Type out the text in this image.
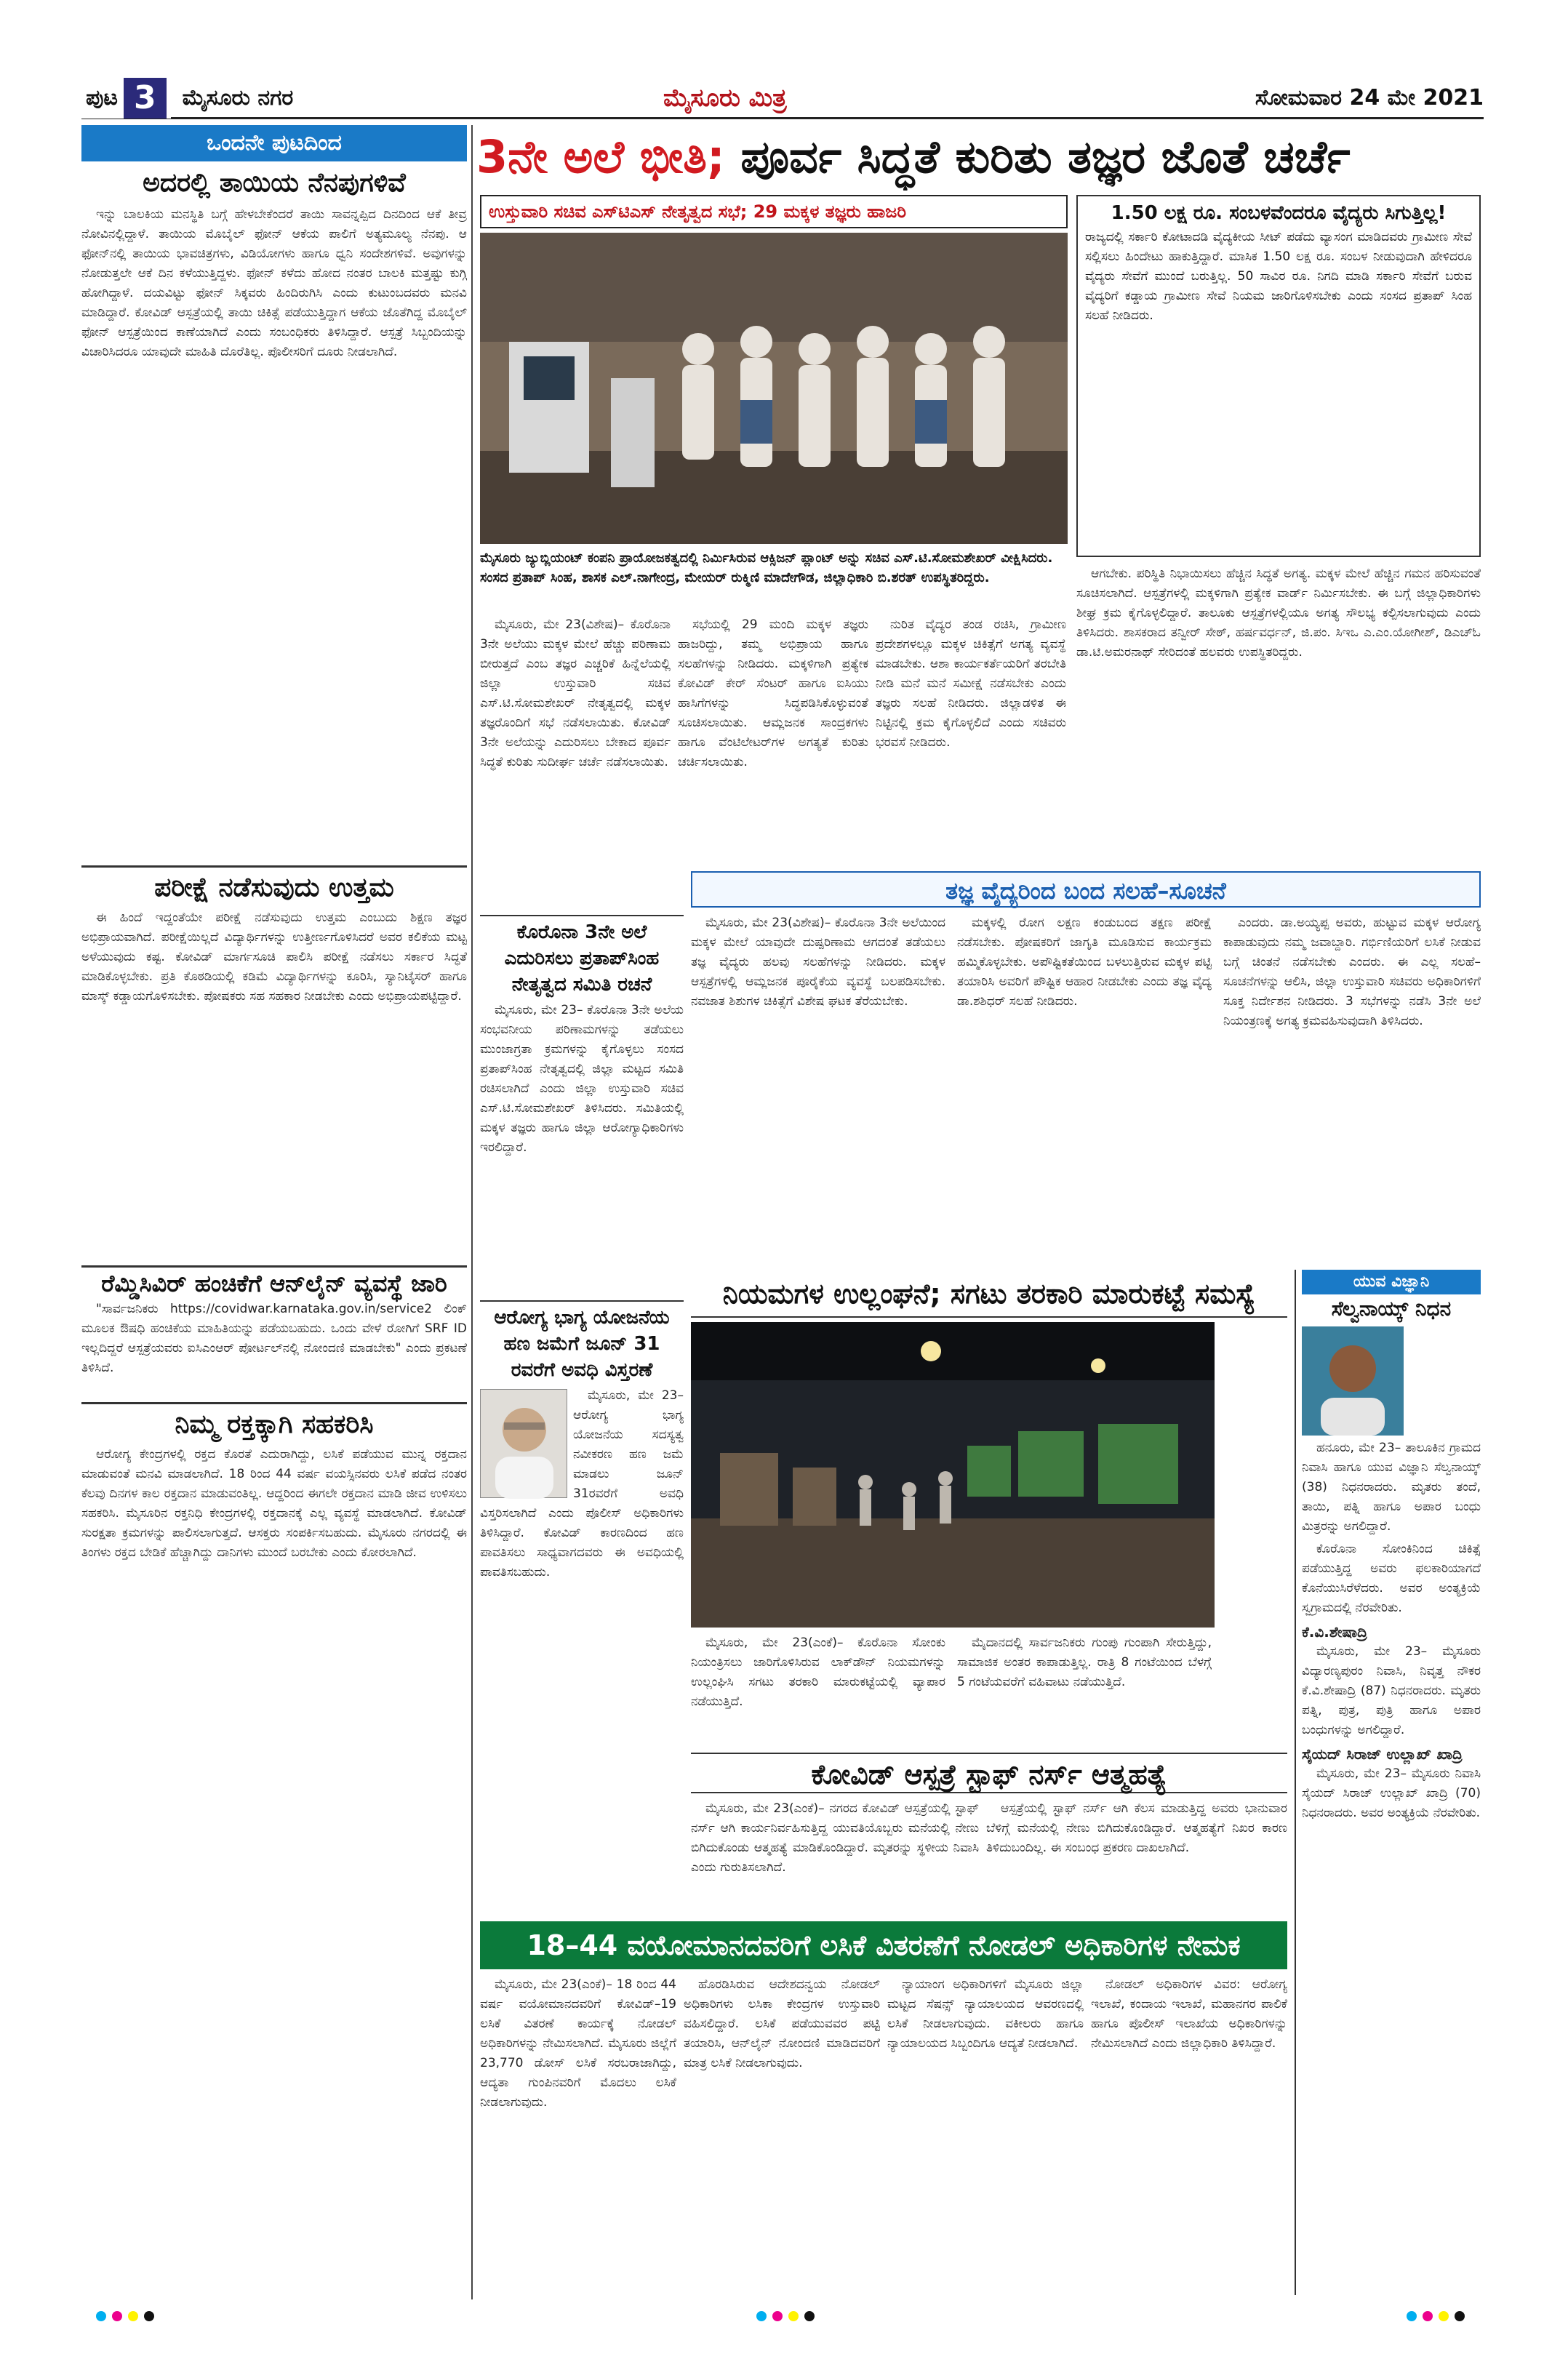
ಪುಟ 3	ಮೈಸೂರು ನಗರ	ಮೈಸೂರು ಮಿತ್ರ	ಸೋಮವಾರ 24 ಮೇ 2021
ಒಂದನೇ ಪುಟದಿಂದ
ಅದರಲ್ಲಿ ತಾಯಿಯ ನೆನಪುಗಳಿವೆ

ಇನ್ನು ಬಾಲಕಿಯ ಮನಸ್ಥಿತಿ ಬಗ್ಗೆ ಹೇಳಬೇಕೆಂದರೆ ತಾಯಿ ಸಾವನ್ನಪ್ಪಿದ ದಿನದಿಂದ ಆಕೆ ತೀವ್ರ ನೋವಿನಲ್ಲಿದ್ದಾಳೆ. ತಾಯಿಯ ಮೊಬೈಲ್ ಫೋನ್ ಆಕೆಯ ಪಾಲಿಗೆ ಅತ್ಯಮೂಲ್ಯ ನೆನಪು. ಆ ಫೋನ್‌ನಲ್ಲಿ ತಾಯಿಯ ಭಾವಚಿತ್ರಗಳು, ವಿಡಿಯೋಗಳು ಹಾಗೂ ಧ್ವನಿ ಸಂದೇಶಗಳಿವೆ. ಅವುಗಳನ್ನು ನೋಡುತ್ತಲೇ ಆಕೆ ದಿನ ಕಳೆಯುತ್ತಿದ್ದಳು. ಫೋನ್ ಕಳೆದು ಹೋದ ನಂತರ ಬಾಲಕಿ ಮತ್ತಷ್ಟು ಕುಗ್ಗಿ ಹೋಗಿದ್ದಾಳೆ. ದಯವಿಟ್ಟು ಫೋನ್ ಸಿಕ್ಕವರು ಹಿಂದಿರುಗಿಸಿ ಎಂದು ಕುಟುಂಬದವರು ಮನವಿ ಮಾಡಿದ್ದಾರೆ. ಕೋವಿಡ್ ಆಸ್ಪತ್ರೆಯಲ್ಲಿ ತಾಯಿ ಚಿಕಿತ್ಸೆ ಪಡೆಯುತ್ತಿದ್ದಾಗ ಆಕೆಯ ಜೊತೆಗಿದ್ದ ಮೊಬೈಲ್ ಫೋನ್ ಆಸ್ಪತ್ರೆಯಿಂದ ಕಾಣೆಯಾಗಿದೆ ಎಂದು ಸಂಬಂಧಿಕರು ತಿಳಿಸಿದ್ದಾರೆ. ಆಸ್ಪತ್ರೆ ಸಿಬ್ಬಂದಿಯನ್ನು ವಿಚಾರಿಸಿದರೂ ಯಾವುದೇ ಮಾಹಿತಿ ದೊರೆತಿಲ್ಲ. ಪೊಲೀಸರಿಗೆ ದೂರು ನೀಡಲಾಗಿದೆ.

ಪರೀಕ್ಷೆ ನಡೆಸುವುದು ಉತ್ತಮ

ಈ ಹಿಂದೆ ಇದ್ದಂತೆಯೇ ಪರೀಕ್ಷೆ ನಡೆಸುವುದು ಉತ್ತಮ ಎಂಬುದು ಶಿಕ್ಷಣ ತಜ್ಞರ ಅಭಿಪ್ರಾಯವಾಗಿದೆ. ಪರೀಕ್ಷೆಯಿಲ್ಲದೆ ವಿದ್ಯಾರ್ಥಿಗಳನ್ನು ಉತ್ತೀರ್ಣಗೊಳಿಸಿದರೆ ಅವರ ಕಲಿಕೆಯ ಮಟ್ಟ ಅಳೆಯುವುದು ಕಷ್ಟ. ಕೋವಿಡ್ ಮಾರ್ಗಸೂಚಿ ಪಾಲಿಸಿ ಪರೀಕ್ಷೆ ನಡೆಸಲು ಸರ್ಕಾರ ಸಿದ್ಧತೆ ಮಾಡಿಕೊಳ್ಳಬೇಕು. ಪ್ರತಿ ಕೊಠಡಿಯಲ್ಲಿ ಕಡಿಮೆ ವಿದ್ಯಾರ್ಥಿಗಳನ್ನು ಕೂರಿಸಿ, ಸ್ಯಾನಿಟೈಸರ್ ಹಾಗೂ ಮಾಸ್ಕ್ ಕಡ್ಡಾಯಗೊಳಿಸಬೇಕು. ಪೋಷಕರು ಸಹ ಸಹಕಾರ ನೀಡಬೇಕು ಎಂದು ಅಭಿಪ್ರಾಯಪಟ್ಟಿದ್ದಾರೆ.

ರೆಮ್ಡಿಸಿವಿರ್ ಹಂಚಿಕೆಗೆ ಆನ್‌ಲೈನ್ ವ್ಯವಸ್ಥೆ ಜಾರಿ

"ಸಾರ್ವಜನಿಕರು https://covidwar.karnataka.gov.in/service2 ಲಿಂಕ್ ಮೂಲಕ ಔಷಧಿ ಹಂಚಿಕೆಯ ಮಾಹಿತಿಯನ್ನು ಪಡೆಯಬಹುದು. ಒಂದು ವೇಳೆ ರೋಗಿಗೆ SRF ID ಇಲ್ಲದಿದ್ದರೆ ಆಸ್ಪತ್ರೆಯವರು ಐಸಿಎಂಆರ್ ಪೋರ್ಟಲ್‌ನಲ್ಲಿ ನೋಂದಣಿ ಮಾಡಬೇಕು" ಎಂದು ಪ್ರಕಟಣೆ ತಿಳಿಸಿದೆ.

ನಿಮ್ಮ ರಕ್ತಕ್ಕಾಗಿ ಸಹಕರಿಸಿ

ಆರೋಗ್ಯ ಕೇಂದ್ರಗಳಲ್ಲಿ ರಕ್ತದ ಕೊರತೆ ಎದುರಾಗಿದ್ದು, ಲಸಿಕೆ ಪಡೆಯುವ ಮುನ್ನ ರಕ್ತದಾನ ಮಾಡುವಂತೆ ಮನವಿ ಮಾಡಲಾಗಿದೆ. 18 ರಿಂದ 44 ವರ್ಷ ವಯಸ್ಸಿನವರು ಲಸಿಕೆ ಪಡೆದ ನಂತರ ಕೆಲವು ದಿನಗಳ ಕಾಲ ರಕ್ತದಾನ ಮಾಡುವಂತಿಲ್ಲ. ಆದ್ದರಿಂದ ಈಗಲೇ ರಕ್ತದಾನ ಮಾಡಿ ಜೀವ ಉಳಿಸಲು ಸಹಕರಿಸಿ. ಮೈಸೂರಿನ ರಕ್ತನಿಧಿ ಕೇಂದ್ರಗಳಲ್ಲಿ ರಕ್ತದಾನಕ್ಕೆ ಎಲ್ಲ ವ್ಯವಸ್ಥೆ ಮಾಡಲಾಗಿದೆ. ಕೋವಿಡ್ ಸುರಕ್ಷತಾ ಕ್ರಮಗಳನ್ನು ಪಾಲಿಸಲಾಗುತ್ತದೆ. ಆಸಕ್ತರು ಸಂಪರ್ಕಿಸಬಹುದು. ಮೈಸೂರು ನಗರದಲ್ಲಿ ಈ ತಿಂಗಳು ರಕ್ತದ ಬೇಡಿಕೆ ಹೆಚ್ಚಾಗಿದ್ದು ದಾನಿಗಳು ಮುಂದೆ ಬರಬೇಕು ಎಂದು ಕೋರಲಾಗಿದೆ.

3ನೇ ಅಲೆ ಭೀತಿ; ಪೂರ್ವ ಸಿದ್ಧತೆ ಕುರಿತು ತಜ್ಞರ ಜೊತೆ ಚರ್ಚೆ
ಉಸ್ತುವಾರಿ ಸಚಿವ ಎಸ್‌ಟಿಎಸ್ ನೇತೃತ್ವದ ಸಭೆ; 29 ಮಕ್ಕಳ ತಜ್ಞರು ಹಾಜರಿ
ಮೈಸೂರು ಜ್ಯುಬ್ಲಿಯಂಟ್ ಕಂಪನಿ ಪ್ರಾಯೋಜಕತ್ವದಲ್ಲಿ ನಿರ್ಮಿಸಿರುವ ಆಕ್ಸಿಜನ್ ಪ್ಲಾಂಟ್ ಅನ್ನು ಸಚಿವ ಎಸ್.ಟಿ.ಸೋಮಶೇಖರ್ ವೀಕ್ಷಿಸಿದರು. ಸಂಸದ ಪ್ರತಾಪ್ ಸಿಂಹ, ಶಾಸಕ ಎಲ್.ನಾಗೇಂದ್ರ, ಮೇಯರ್ ರುಕ್ಮಿಣಿ ಮಾದೇಗೌಡ, ಜಿಲ್ಲಾಧಿಕಾರಿ ಬಿ.ಶರತ್ ಉಪಸ್ಥಿತರಿದ್ದರು.

ಮೈಸೂರು, ಮೇ 23(ವಿಶೇಷ)– ಕೊರೊನಾ 3ನೇ ಅಲೆಯು ಮಕ್ಕಳ ಮೇಲೆ ಹೆಚ್ಚು ಪರಿಣಾಮ ಬೀರುತ್ತದೆ ಎಂಬ ತಜ್ಞರ ಎಚ್ಚರಿಕೆ ಹಿನ್ನೆಲೆಯಲ್ಲಿ ಜಿಲ್ಲಾ ಉಸ್ತುವಾರಿ ಸಚಿವ ಎಸ್.ಟಿ.ಸೋಮಶೇಖರ್ ನೇತೃತ್ವದಲ್ಲಿ ಮಕ್ಕಳ ತಜ್ಞರೊಂದಿಗೆ ಸಭೆ ನಡೆಸಲಾಯಿತು. ಕೋವಿಡ್ 3ನೇ ಅಲೆಯನ್ನು ಎದುರಿಸಲು ಬೇಕಾದ ಪೂರ್ವ ಸಿದ್ಧತೆ ಕುರಿತು ಸುದೀರ್ಘ ಚರ್ಚೆ ನಡೆಸಲಾಯಿತು.

ಸಭೆಯಲ್ಲಿ 29 ಮಂದಿ ಮಕ್ಕಳ ತಜ್ಞರು ಹಾಜರಿದ್ದು, ತಮ್ಮ ಅಭಿಪ್ರಾಯ ಹಾಗೂ ಸಲಹೆಗಳನ್ನು ನೀಡಿದರು. ಮಕ್ಕಳಿಗಾಗಿ ಪ್ರತ್ಯೇಕ ಕೋವಿಡ್ ಕೇರ್ ಸೆಂಟರ್ ಹಾಗೂ ಐಸಿಯು ಹಾಸಿಗೆಗಳನ್ನು ಸಿದ್ಧಪಡಿಸಿಕೊಳ್ಳುವಂತೆ ಸೂಚಿಸಲಾಯಿತು. ಆಮ್ಲಜನಕ ಸಾಂದ್ರಕಗಳು ಹಾಗೂ ವೆಂಟಿಲೇಟರ್‌ಗಳ ಅಗತ್ಯತೆ ಕುರಿತು ಚರ್ಚಿಸಲಾಯಿತು.

ನುರಿತ ವೈದ್ಯರ ತಂಡ ರಚಿಸಿ, ಗ್ರಾಮೀಣ ಪ್ರದೇಶಗಳಲ್ಲೂ ಮಕ್ಕಳ ಚಿಕಿತ್ಸೆಗೆ ಅಗತ್ಯ ವ್ಯವಸ್ಥೆ ಮಾಡಬೇಕು. ಆಶಾ ಕಾರ್ಯಕರ್ತೆಯರಿಗೆ ತರಬೇತಿ ನೀಡಿ ಮನೆ ಮನೆ ಸಮೀಕ್ಷೆ ನಡೆಸಬೇಕು ಎಂದು ತಜ್ಞರು ಸಲಹೆ ನೀಡಿದರು. ಜಿಲ್ಲಾಡಳಿತ ಈ ನಿಟ್ಟಿನಲ್ಲಿ ಕ್ರಮ ಕೈಗೊಳ್ಳಲಿದೆ ಎಂದು ಸಚಿವರು ಭರವಸೆ ನೀಡಿದರು.

1.50 ಲಕ್ಷ ರೂ. ಸಂಬಳವೆಂದರೂ ವೈದ್ಯರು ಸಿಗುತ್ತಿಲ್ಲ!

ರಾಜ್ಯದಲ್ಲಿ ಸರ್ಕಾರಿ ಕೋಟಾದಡಿ ವೈದ್ಯಕೀಯ ಸೀಟ್ ಪಡೆದು ವ್ಯಾಸಂಗ ಮಾಡಿದವರು ಗ್ರಾಮೀಣ ಸೇವೆ ಸಲ್ಲಿಸಲು ಹಿಂದೇಟು ಹಾಕುತ್ತಿದ್ದಾರೆ. ಮಾಸಿಕ 1.50 ಲಕ್ಷ ರೂ. ಸಂಬಳ ನೀಡುವುದಾಗಿ ಹೇಳಿದರೂ ವೈದ್ಯರು ಸೇವೆಗೆ ಮುಂದೆ ಬರುತ್ತಿಲ್ಲ. 50 ಸಾವಿರ ರೂ. ನಿಗದಿ ಮಾಡಿ ಸರ್ಕಾರಿ ಸೇವೆಗೆ ಬರುವ ವೈದ್ಯರಿಗೆ ಕಡ್ಡಾಯ ಗ್ರಾಮೀಣ ಸೇವೆ ನಿಯಮ ಜಾರಿಗೊಳಿಸಬೇಕು ಎಂದು ಸಂಸದ ಪ್ರತಾಪ್ ಸಿಂಹ ಸಲಹೆ ನೀಡಿದರು.

ಆಗಬೇಕು. ಪರಿಸ್ಥಿತಿ ನಿಭಾಯಿಸಲು ಹೆಚ್ಚಿನ ಸಿದ್ಧತೆ ಅಗತ್ಯ. ಮಕ್ಕಳ ಮೇಲೆ ಹೆಚ್ಚಿನ ಗಮನ ಹರಿಸುವಂತೆ ಸೂಚಿಸಲಾಗಿದೆ. ಆಸ್ಪತ್ರೆಗಳಲ್ಲಿ ಮಕ್ಕಳಿಗಾಗಿ ಪ್ರತ್ಯೇಕ ವಾರ್ಡ್ ನಿರ್ಮಿಸಬೇಕು. ಈ ಬಗ್ಗೆ ಜಿಲ್ಲಾಧಿಕಾರಿಗಳು ಶೀಘ್ರ ಕ್ರಮ ಕೈಗೊಳ್ಳಲಿದ್ದಾರೆ. ತಾಲೂಕು ಆಸ್ಪತ್ರೆಗಳಲ್ಲಿಯೂ ಅಗತ್ಯ ಸೌಲಭ್ಯ ಕಲ್ಪಿಸಲಾಗುವುದು ಎಂದು ತಿಳಿಸಿದರು. ಶಾಸಕರಾದ ತನ್ವೀರ್ ಸೇಠ್, ಹರ್ಷವರ್ಧನ್, ಜಿ.ಪಂ. ಸಿಇಒ ಎ.ಎಂ.ಯೋಗೀಶ್, ಡಿಎಚ್‌ಓ ಡಾ.ಟಿ.ಅಮರನಾಥ್ ಸೇರಿದಂತೆ ಹಲವರು ಉಪಸ್ಥಿತರಿದ್ದರು.

ಕೊರೊನಾ 3ನೇ ಅಲೆ ಎದುರಿಸಲು ಪ್ರತಾಪ್‌ಸಿಂಹ ನೇತೃತ್ವದ ಸಮಿತಿ ರಚನೆ

ಮೈಸೂರು, ಮೇ 23– ಕೊರೊನಾ 3ನೇ ಅಲೆಯ ಸಂಭವನೀಯ ಪರಿಣಾಮಗಳನ್ನು ತಡೆಯಲು ಮುಂಜಾಗ್ರತಾ ಕ್ರಮಗಳನ್ನು ಕೈಗೊಳ್ಳಲು ಸಂಸದ ಪ್ರತಾಪ್‌ಸಿಂಹ ನೇತೃತ್ವದಲ್ಲಿ ಜಿಲ್ಲಾ ಮಟ್ಟದ ಸಮಿತಿ ರಚಿಸಲಾಗಿದೆ ಎಂದು ಜಿಲ್ಲಾ ಉಸ್ತುವಾರಿ ಸಚಿವ ಎಸ್.ಟಿ.ಸೋಮಶೇಖರ್ ತಿಳಿಸಿದರು. ಸಮಿತಿಯಲ್ಲಿ ಮಕ್ಕಳ ತಜ್ಞರು ಹಾಗೂ ಜಿಲ್ಲಾ ಆರೋಗ್ಯಾಧಿಕಾರಿಗಳು ಇರಲಿದ್ದಾರೆ.

ಆರೋಗ್ಯ ಭಾಗ್ಯ ಯೋಜನೆಯ ಹಣ ಜಮೆಗೆ ಜೂನ್ 31 ರವರೆಗೆ ಅವಧಿ ವಿಸ್ತರಣೆ

ಮೈಸೂರು, ಮೇ 23– ಆರೋಗ್ಯ ಭಾಗ್ಯ ಯೋಜನೆಯ ಸದಸ್ಯತ್ವ ನವೀಕರಣ ಹಣ ಜಮೆ ಮಾಡಲು ಜೂನ್ 31ರವರೆಗೆ ಅವಧಿ ವಿಸ್ತರಿಸಲಾಗಿದೆ ಎಂದು ಪೊಲೀಸ್ ಅಧಿಕಾರಿಗಳು ತಿಳಿಸಿದ್ದಾರೆ. ಕೋವಿಡ್ ಕಾರಣದಿಂದ ಹಣ ಪಾವತಿಸಲು ಸಾಧ್ಯವಾಗದವರು ಈ ಅವಧಿಯಲ್ಲಿ ಪಾವತಿಸಬಹುದು.

ತಜ್ಞ ವೈದ್ಯರಿಂದ ಬಂದ ಸಲಹೆ–ಸೂಚನೆ

ಮೈಸೂರು, ಮೇ 23(ವಿಶೇಷ)– ಕೊರೊನಾ 3ನೇ ಅಲೆಯಿಂದ ಮಕ್ಕಳ ಮೇಲೆ ಯಾವುದೇ ದುಷ್ಪರಿಣಾಮ ಆಗದಂತೆ ತಡೆಯಲು ತಜ್ಞ ವೈದ್ಯರು ಹಲವು ಸಲಹೆಗಳನ್ನು ನೀಡಿದರು. ಮಕ್ಕಳ ಆಸ್ಪತ್ರೆಗಳಲ್ಲಿ ಆಮ್ಲಜನಕ ಪೂರೈಕೆಯ ವ್ಯವಸ್ಥೆ ಬಲಪಡಿಸಬೇಕು. ನವಜಾತ ಶಿಶುಗಳ ಚಿಕಿತ್ಸೆಗೆ ವಿಶೇಷ ಘಟಕ ತೆರೆಯಬೇಕು.

ಮಕ್ಕಳಲ್ಲಿ ರೋಗ ಲಕ್ಷಣ ಕಂಡುಬಂದ ತಕ್ಷಣ ಪರೀಕ್ಷೆ ನಡೆಸಬೇಕು. ಪೋಷಕರಿಗೆ ಜಾಗೃತಿ ಮೂಡಿಸುವ ಕಾರ್ಯಕ್ರಮ ಹಮ್ಮಿಕೊಳ್ಳಬೇಕು. ಅಪೌಷ್ಟಿಕತೆಯಿಂದ ಬಳಲುತ್ತಿರುವ ಮಕ್ಕಳ ಪಟ್ಟಿ ತಯಾರಿಸಿ ಅವರಿಗೆ ಪೌಷ್ಟಿಕ ಆಹಾರ ನೀಡಬೇಕು ಎಂದು ತಜ್ಞ ವೈದ್ಯ ಡಾ.ಶಶಿಧರ್ ಸಲಹೆ ನೀಡಿದರು.

ಎಂದರು. ಡಾ.ಅಯ್ಯಪ್ಪ ಅವರು, ಹುಟ್ಟುವ ಮಕ್ಕಳ ಆರೋಗ್ಯ ಕಾಪಾಡುವುದು ನಮ್ಮ ಜವಾಬ್ದಾರಿ. ಗರ್ಭಿಣಿಯರಿಗೆ ಲಸಿಕೆ ನೀಡುವ ಬಗ್ಗೆ ಚಿಂತನೆ ನಡೆಸಬೇಕು ಎಂದರು. ಈ ಎಲ್ಲ ಸಲಹೆ–ಸೂಚನೆಗಳನ್ನು ಆಲಿಸಿ, ಜಿಲ್ಲಾ ಉಸ್ತುವಾರಿ ಸಚಿವರು ಅಧಿಕಾರಿಗಳಿಗೆ ಸೂಕ್ತ ನಿರ್ದೇಶನ ನೀಡಿದರು. 3 ಸಭೆಗಳನ್ನು ನಡೆಸಿ 3ನೇ ಅಲೆ ನಿಯಂತ್ರಣಕ್ಕೆ ಅಗತ್ಯ ಕ್ರಮವಹಿಸುವುದಾಗಿ ತಿಳಿಸಿದರು.

ನಿಯಮಗಳ ಉಲ್ಲಂಘನೆ; ಸಗಟು ತರಕಾರಿ ಮಾರುಕಟ್ಟೆ ಸಮಸ್ಯೆ

ಮೈಸೂರು, ಮೇ 23(ಎಂಕೆ)– ಕೊರೊನಾ ಸೋಂಕು ನಿಯಂತ್ರಿಸಲು ಜಾರಿಗೊಳಿಸಿರುವ ಲಾಕ್‌ಡೌನ್ ನಿಯಮಗಳನ್ನು ಉಲ್ಲಂಘಿಸಿ ಸಗಟು ತರಕಾರಿ ಮಾರುಕಟ್ಟೆಯಲ್ಲಿ ವ್ಯಾಪಾರ ನಡೆಯುತ್ತಿದೆ.

ಮೈದಾನದಲ್ಲಿ ಸಾರ್ವಜನಿಕರು ಗುಂಪು ಗುಂಪಾಗಿ ಸೇರುತ್ತಿದ್ದು, ಸಾಮಾಜಿಕ ಅಂತರ ಕಾಪಾಡುತ್ತಿಲ್ಲ. ರಾತ್ರಿ 8 ಗಂಟೆಯಿಂದ ಬೆಳಗ್ಗೆ 5 ಗಂಟೆಯವರೆಗೆ ವಹಿವಾಟು ನಡೆಯುತ್ತಿದೆ.

ಯುವ ವಿಜ್ಞಾನಿ
ಸೆಲ್ವನಾಯ್ಕ್ ನಿಧನ

ಹನೂರು, ಮೇ 23– ತಾಲೂಕಿನ ಗ್ರಾಮದ ನಿವಾಸಿ ಹಾಗೂ ಯುವ ವಿಜ್ಞಾನಿ ಸೆಲ್ವನಾಯ್ಕ್ (38) ನಿಧನರಾದರು. ಮೃತರು ತಂದೆ, ತಾಯಿ, ಪತ್ನಿ ಹಾಗೂ ಅಪಾರ ಬಂಧು ಮಿತ್ರರನ್ನು ಅಗಲಿದ್ದಾರೆ.

ಕೊರೊನಾ ಸೋಂಕಿನಿಂದ ಚಿಕಿತ್ಸೆ ಪಡೆಯುತ್ತಿದ್ದ ಅವರು ಫಲಕಾರಿಯಾಗದೆ ಕೊನೆಯುಸಿರೆಳೆದರು. ಅವರ ಅಂತ್ಯಕ್ರಿಯೆ ಸ್ವಗ್ರಾಮದಲ್ಲಿ ನೆರವೇರಿತು.

ಕೆ.ವಿ.ಶೇಷಾದ್ರಿ

ಮೈಸೂರು, ಮೇ 23– ಮೈಸೂರು ವಿದ್ಯಾರಣ್ಯಪುರಂ ನಿವಾಸಿ, ನಿವೃತ್ತ ನೌಕರ ಕೆ.ವಿ.ಶೇಷಾದ್ರಿ (87) ನಿಧನರಾದರು. ಮೃತರು ಪತ್ನಿ, ಪುತ್ರ, ಪುತ್ರಿ ಹಾಗೂ ಅಪಾರ ಬಂಧುಗಳನ್ನು ಅಗಲಿದ್ದಾರೆ.

ಸೈಯದ್ ಸಿರಾಜ್ ಉಲ್ಲಾಖ್ ಖಾದ್ರಿ

ಮೈಸೂರು, ಮೇ 23– ಮೈಸೂರು ನಿವಾಸಿ ಸೈಯದ್ ಸಿರಾಜ್ ಉಲ್ಲಾಖ್ ಖಾದ್ರಿ (70) ನಿಧನರಾದರು. ಅವರ ಅಂತ್ಯಕ್ರಿಯೆ ನೆರವೇರಿತು.

ಕೋವಿಡ್ ಆಸ್ಪತ್ರೆ ಸ್ಟಾಫ್ ನರ್ಸ್ ಆತ್ಮಹತ್ಯೆ

ಮೈಸೂರು, ಮೇ 23(ಎಂಕೆ)– ನಗರದ ಕೋವಿಡ್ ಆಸ್ಪತ್ರೆಯಲ್ಲಿ ಸ್ಟಾಫ್ ನರ್ಸ್ ಆಗಿ ಕಾರ್ಯನಿರ್ವಹಿಸುತ್ತಿದ್ದ ಯುವತಿಯೊಬ್ಬರು ಮನೆಯಲ್ಲಿ ನೇಣು ಬಿಗಿದುಕೊಂಡು ಆತ್ಮಹತ್ಯೆ ಮಾಡಿಕೊಂಡಿದ್ದಾರೆ. ಮೃತರನ್ನು ಸ್ಥಳೀಯ ನಿವಾಸಿ ಎಂದು ಗುರುತಿಸಲಾಗಿದೆ.

ಆಸ್ಪತ್ರೆಯಲ್ಲಿ ಸ್ಟಾಫ್ ನರ್ಸ್ ಆಗಿ ಕೆಲಸ ಮಾಡುತ್ತಿದ್ದ ಅವರು ಭಾನುವಾರ ಬೆಳಿಗ್ಗೆ ಮನೆಯಲ್ಲಿ ನೇಣು ಬಿಗಿದುಕೊಂಡಿದ್ದಾರೆ. ಆತ್ಮಹತ್ಯೆಗೆ ನಿಖರ ಕಾರಣ ತಿಳಿದುಬಂದಿಲ್ಲ. ಈ ಸಂಬಂಧ ಪ್ರಕರಣ ದಾಖಲಾಗಿದೆ.

18–44 ವಯೋಮಾನದವರಿಗೆ ಲಸಿಕೆ ವಿತರಣೆಗೆ ನೋಡಲ್ ಅಧಿಕಾರಿಗಳ ನೇಮಕ

ಮೈಸೂರು, ಮೇ 23(ಎಂಕೆ)– 18 ರಿಂದ 44 ವರ್ಷ ವಯೋಮಾನದವರಿಗೆ ಕೋವಿಡ್–19 ಲಸಿಕೆ ವಿತರಣೆ ಕಾರ್ಯಕ್ಕೆ ನೋಡಲ್ ಅಧಿಕಾರಿಗಳನ್ನು ನೇಮಿಸಲಾಗಿದೆ. ಮೈಸೂರು ಜಿಲ್ಲೆಗೆ 23,770 ಡೋಸ್ ಲಸಿಕೆ ಸರಬರಾಜಾಗಿದ್ದು, ಆದ್ಯತಾ ಗುಂಪಿನವರಿಗೆ ಮೊದಲು ಲಸಿಕೆ ನೀಡಲಾಗುವುದು.

ಹೊರಡಿಸಿರುವ ಆದೇಶದನ್ವಯ ನೋಡಲ್ ಅಧಿಕಾರಿಗಳು ಲಸಿಕಾ ಕೇಂದ್ರಗಳ ಉಸ್ತುವಾರಿ ವಹಿಸಲಿದ್ದಾರೆ. ಲಸಿಕೆ ಪಡೆಯುವವರ ಪಟ್ಟಿ ತಯಾರಿಸಿ, ಆನ್‌ಲೈನ್ ನೋಂದಣಿ ಮಾಡಿದವರಿಗೆ ಮಾತ್ರ ಲಸಿಕೆ ನೀಡಲಾಗುವುದು.

ನ್ಯಾಯಾಂಗ ಅಧಿಕಾರಿಗಳಿಗೆ ಮೈಸೂರು ಜಿಲ್ಲಾ ಮಟ್ಟದ ಸೆಷನ್ಸ್ ನ್ಯಾಯಾಲಯದ ಆವರಣದಲ್ಲಿ ಲಸಿಕೆ ನೀಡಲಾಗುವುದು. ವಕೀಲರು ಹಾಗೂ ನ್ಯಾಯಾಲಯದ ಸಿಬ್ಬಂದಿಗೂ ಆದ್ಯತೆ ನೀಡಲಾಗಿದೆ.

ನೋಡಲ್ ಅಧಿಕಾರಿಗಳ ವಿವರ: ಆರೋಗ್ಯ ಇಲಾಖೆ, ಕಂದಾಯ ಇಲಾಖೆ, ಮಹಾನಗರ ಪಾಲಿಕೆ ಹಾಗೂ ಪೊಲೀಸ್ ಇಲಾಖೆಯ ಅಧಿಕಾರಿಗಳನ್ನು ನೇಮಿಸಲಾಗಿದೆ ಎಂದು ಜಿಲ್ಲಾಧಿಕಾರಿ ತಿಳಿಸಿದ್ದಾರೆ.
